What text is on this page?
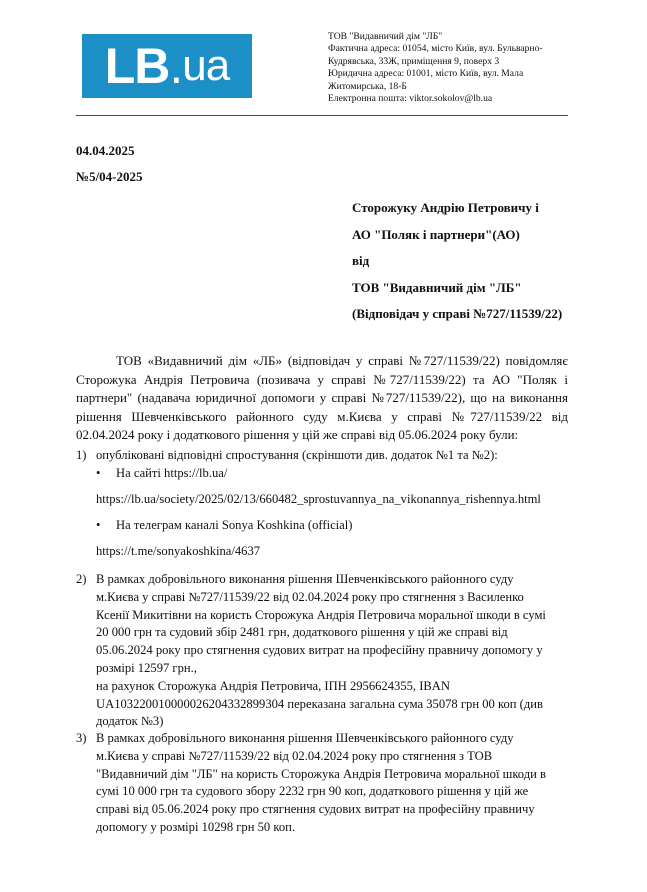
LB . ua
ТОВ "Видавничий дім "ЛБ"
Фактична адреса: 01054, місто Київ, вул. Бульварно-
Кудрявська, 33Ж, приміщення 9, поверх 3
Юридична адреса: 01001, місто Київ, вул. Мала
Житомирська, 18-Б
Електронна пошта: viktor.sokolov@lb.ua
04.04.2025
№5/04-2025
Сторожуку Андрію Петровичу і
АО "Поляк і партнери"(АО)
від
ТОВ "Видавничий дім "ЛБ"
(Відповідач у справі №727/11539/22)
ТОВ «Видавничий дім «ЛБ» (відповідач у справі №727/11539/22) повідомляє Сторожука Андрія Петровича (позивача у справі №727/11539/22) та АО "Поляк і партнери" (надавача юридичної допомоги у справі №727/11539/22), що на виконання рішення Шевченківського районного суду м.Києва у справі №727/11539/22 від 02.04.2024 року і додаткового рішення у цій же справі від 05.06.2024 року були:
1) опубліковані відповідні спростування (скріншоти див. додаток №1 та №2):
• На сайті https://lb.ua/
https://lb.ua/society/2025/02/13/660482_sprostuvannya_na_vikonannya_rishennya.html
• На телеграм каналі Sonya Koshkina (official)
https://t.me/sonyakoshkina/4637
2) В рамках добровільного виконання рішення Шевченківського районного суду
м.Києва у справі №727/11539/22 від 02.04.2024 року про стягнення з Василенко
Ксенії Микитівни на користь Сторожука Андрія Петровича моральної шкоди в сумі
20 000 грн та судовий збір 2481 грн, додаткового рішення у цій же справі від
05.06.2024 року про стягнення судових витрат на професійну правничу допомогу у
розмірі 12597 грн.,
на рахунок Сторожука Андрія Петровича, ІПН 2956624355, IBAN
UA103220010000026204332899304 переказана загальна сума 35078 грн 00 коп (див
додаток №3)
3) В рамках добровільного виконання рішення Шевченківського районного суду
м.Києва у справі №727/11539/22 від 02.04.2024 року про стягнення з ТОВ
"Видавничий дім "ЛБ" на користь Сторожука Андрія Петровича моральної шкоди в
сумі 10 000 грн та судового збору 2232 грн 90 коп, додаткового рішення у цій же
справі від 05.06.2024 року про стягнення судових витрат на професійну правничу
допомогу у розмірі 10298 грн 50 коп.
